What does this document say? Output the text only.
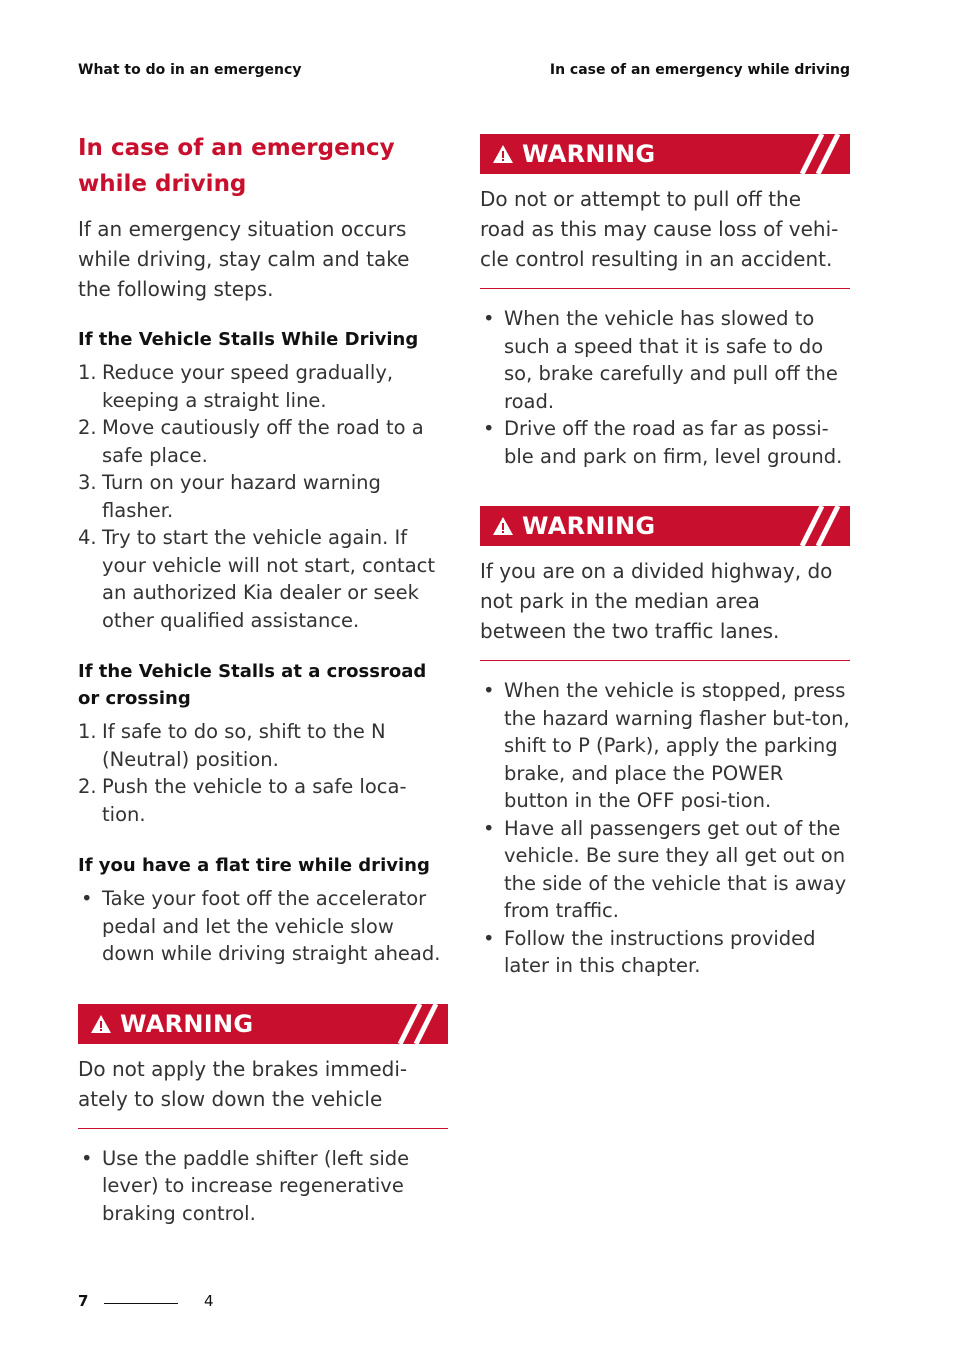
What to do in an emergency	In case of an emergency while driving
In case of an emergency while driving

If an emergency situation occurs while driving, stay calm and take the following steps.

If the Vehicle Stalls While Driving
1. Reduce your speed gradually, keeping a straight line.
2. Move cautiously off the road to a safe place.
3. Turn on your hazard warning flasher.
4. Try to start the vehicle again. If your vehicle will not start, contact an authorized Kia dealer or seek other qualified assistance.
If the Vehicle Stalls at a crossroad or crossing
1. If safe to do so, shift to the N (Neutral) position.
2. Push the vehicle to a safe loca-tion.
If you have a flat tire while driving
• Take your foot off the accelerator pedal and let the vehicle slow down while driving straight ahead.
WARNING

Do not apply the brakes immedi-ately to slow down the vehicle

• Use the paddle shifter (left side lever) to increase regenerative braking control.
WARNING

Do not or attempt to pull off the road as this may cause loss of vehi-cle control resulting in an accident.

• When the vehicle has slowed to such a speed that it is safe to do so, brake carefully and pull off the road.
• Drive off the road as far as possi-ble and park on firm, level ground.
WARNING

If you are on a divided highway, do not park in the median area between the two traffic lanes.

• When the vehicle is stopped, press the hazard warning flasher but-ton, shift to P (Park), apply the parking brake, and place the POWER button in the OFF posi-tion.
• Have all passengers get out of the vehicle. Be sure they all get out on the side of the vehicle that is away from traffic.
• Follow the instructions provided later in this chapter.
7	4
